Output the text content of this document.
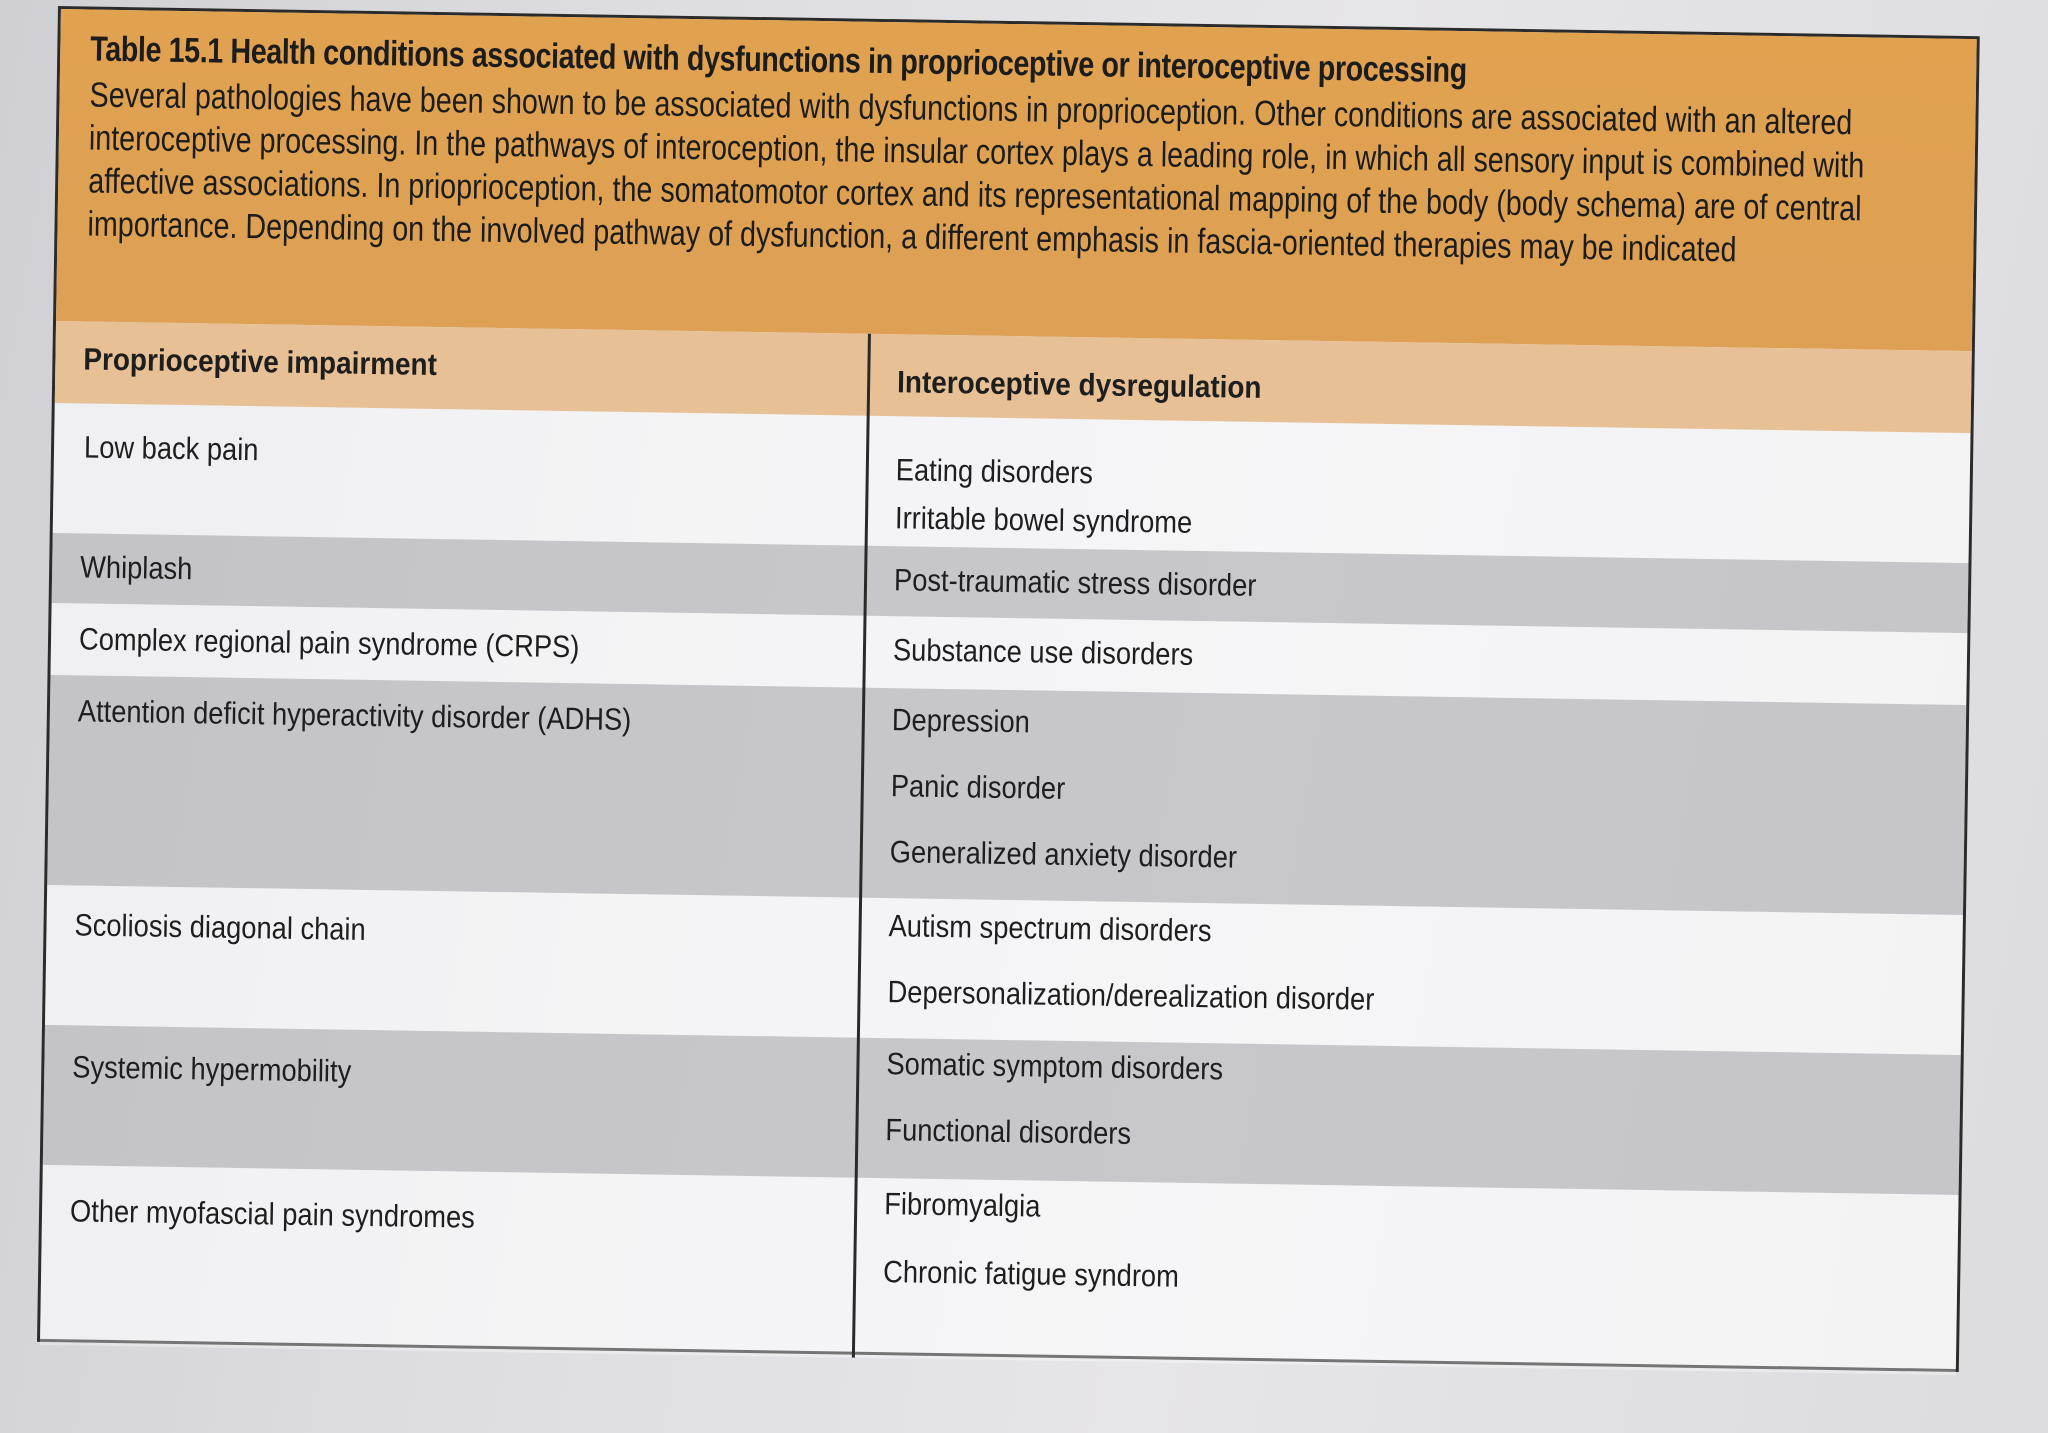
Table 15.1 Health conditions associated with dysfunctions in proprioceptive or interoceptive processing
Several pathologies have been shown to be associated with dysfunctions in proprioception. Other conditions are associated with an altered interoceptive processing. In the pathways of interoception, the insular cortex plays a leading role, in which all sensory input is combined with affective associations. In priopriocеption, the somatomotor cortex and its representational mapping of the body (body schema) are of central importance. Depending on the involved pathway of dysfunction, a different emphasis in fascia-oriented therapies may be indicated
Proprioceptive impairment
Interoceptive dysregulation
Low back pain
Whiplash
Complex regional pain syndrome (CRPS)
Attention deficit hyperactivity disorder (ADHS)
Scoliosis diagonal chain
Systemic hypermobility
Other myofascial pain syndromes
Eating disorders
Irritable bowel syndrome
Post-traumatic stress disorder
Substance use disorders
Depression
Panic disorder
Generalized anxiety disorder
Autism spectrum disorders
Depersonalization/derealization disorder
Somatic symptom disorders
Functional disorders
Fibromyalgia
Chronic fatigue syndrom
